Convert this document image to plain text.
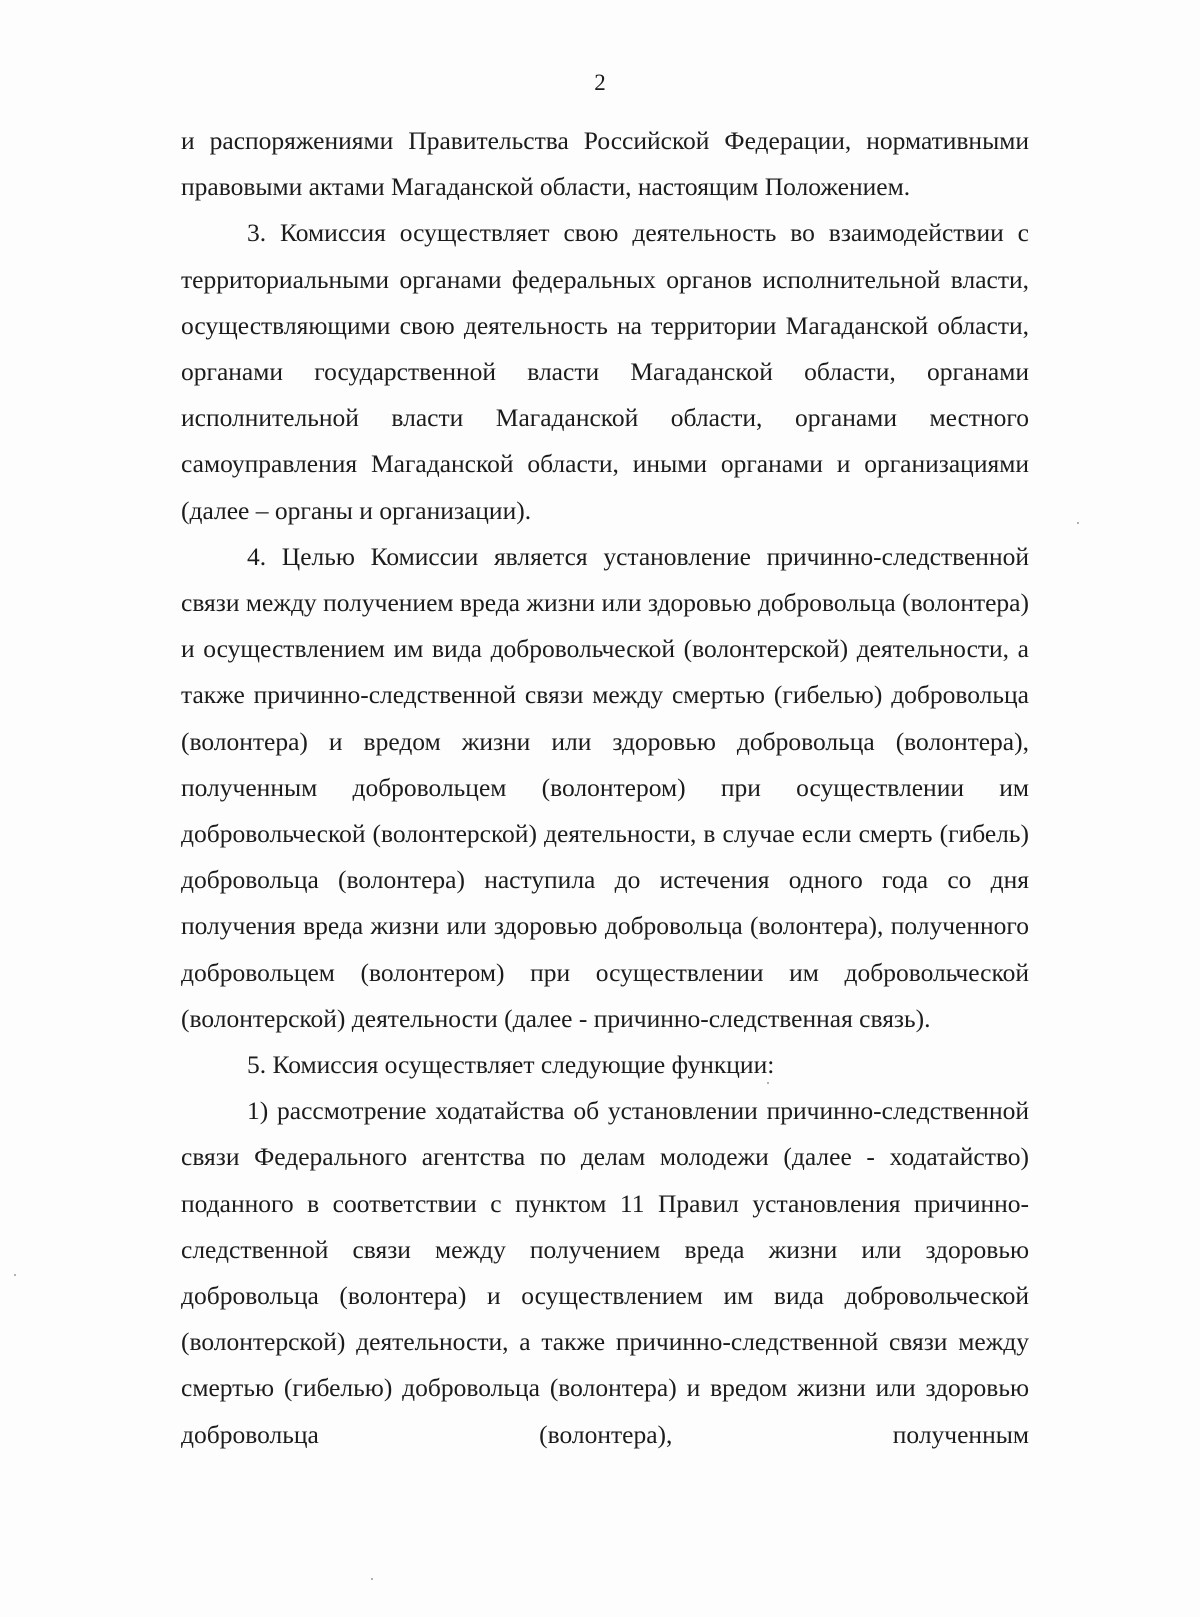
2

и распоряжениями Правительства Российской Федерации, нормативными правовыми актами Магаданской области, настоящим Положением.

3. Комиссия осуществляет свою деятельность во взаимодействии с территориальными органами федеральных органов исполнительной власти, осуществляющими свою деятельность на территории Магаданской области, органами государственной власти Магаданской области, органами исполнительной власти Магаданской области, органами местного самоуправления Магаданской области, иными органами и организациями (далее – органы и организации).

4. Целью Комиссии является установление причинно-следственной связи между получением вреда жизни или здоровью добровольца (волонтера) и осуществлением им вида добровольческой (волонтерской) деятельности, а также причинно-следственной связи между смертью (гибелью) добровольца (волонтера) и вредом жизни или здоровью добровольца (волонтера), полученным добровольцем (волонтером) при осуществлении им добровольческой (волонтерской) деятельности, в случае если смерть (гибель) добровольца (волонтера) наступила до истечения одного года со дня получения вреда жизни или здоровью добровольца (волонтера), полученного добровольцем (волонтером) при осуществлении им добровольческой (волонтерской) деятельности (далее - причинно-следственная связь).

5. Комиссия осуществляет следующие функции:

1) рассмотрение ходатайства об установлении причинно-следственной связи Федерального агентства по делам молодежи (далее - ходатайство) поданного в соответствии с пунктом 11 Правил установления причинно-следственной связи между получением вреда жизни или здоровью добровольца (волонтера) и осуществлением им вида добровольческой (волонтерской) деятельности, а также причинно-следственной связи между смертью (гибелью) добровольца (волонтера) и вредом жизни или здоровью добровольца (волонтера), полученным
